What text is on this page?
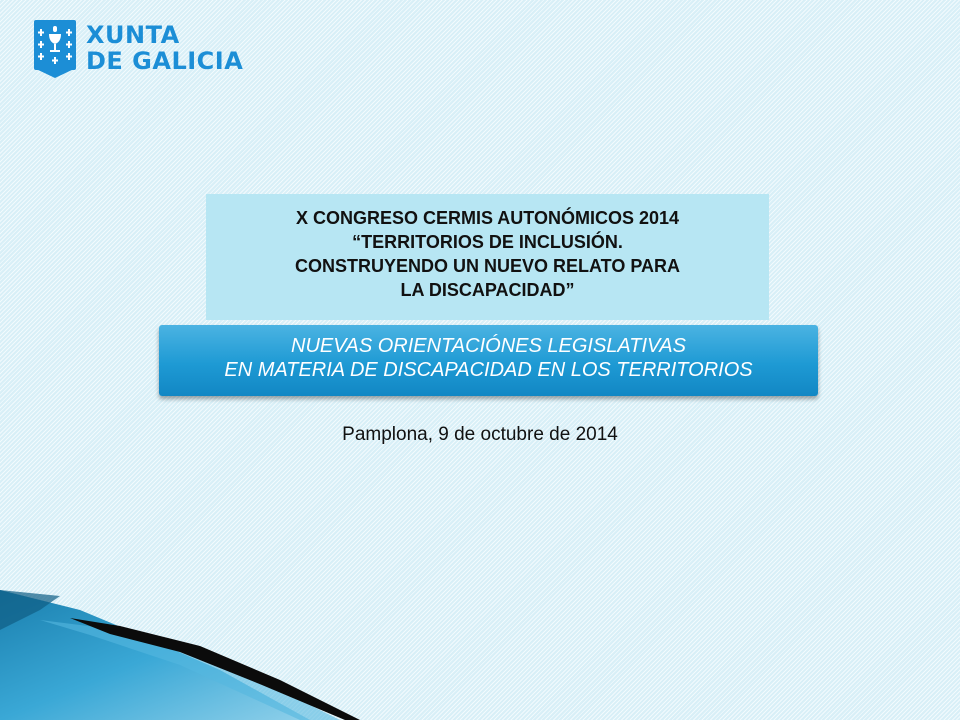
XUNTA
DE GALICIA
X CONGRESO CERMIS AUTONÓMICOS 2014
“TERRITORIOS DE INCLUSIÓN.
CONSTRUYENDO UN NUEVO RELATO PARA
LA DISCAPACIDAD”
NUEVAS ORIENTACIÓNES LEGISLATIVAS
EN MATERIA DE DISCAPACIDAD EN LOS TERRITORIOS
Pamplona, 9 de octubre de 2014
